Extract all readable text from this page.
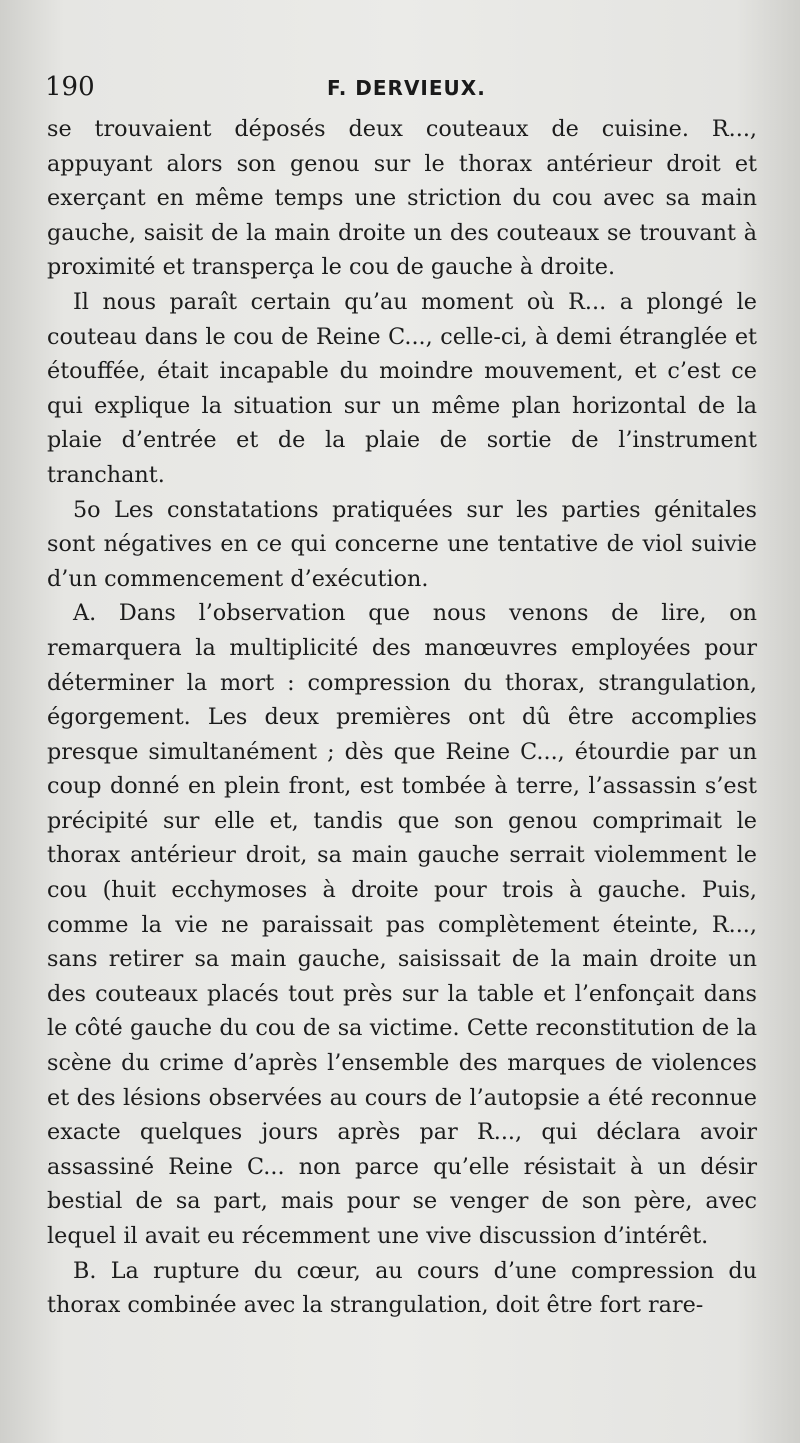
190	F. DERVIEUX.

se trouvaient déposés deux couteaux de cuisine. R..., appuyant alors son genou sur le thorax antérieur droit et exerçant en même temps une striction du cou avec sa main gauche, saisit de la main droite un des couteaux se trouvant à proximité et transperça le cou de gauche à droite.

Il nous paraît certain qu’au moment où R... a plongé le couteau dans le cou de Reine C..., celle-ci, à demi étranglée et étouffée, était incapable du moindre mouvement, et c’est ce qui explique la situation sur un même plan horizontal de la plaie d’entrée et de la plaie de sortie de l’instrument tranchant.

5o Les constatations pratiquées sur les parties génitales sont négatives en ce qui concerne une tentative de viol suivie d’un commencement d’exécution.

A. Dans l’observation que nous venons de lire, on remarquera la multiplicité des manœuvres employées pour déterminer la mort : compression du thorax, strangulation, égorgement. Les deux premières ont dû être accomplies presque simultanément ; dès que Reine C..., étourdie par un coup donné en plein front, est tombée à terre, l’assassin s’est précipité sur elle et, tandis que son genou comprimait le thorax antérieur droit, sa main gauche serrait violemment le cou (huit ecchymoses à droite pour trois à gauche. Puis, comme la vie ne paraissait pas complètement éteinte, R..., sans retirer sa main gauche, saisissait de la main droite un des couteaux placés tout près sur la table et l’enfonçait dans le côté gauche du cou de sa victime. Cette reconstitution de la scène du crime d’après l’ensemble des marques de violences et des lésions observées au cours de l’autopsie a été reconnue exacte quelques jours après par R..., qui déclara avoir assassiné Reine C... non parce qu’elle résistait à un désir bestial de sa part, mais pour se venger de son père, avec lequel il avait eu récemment une vive discussion d’intérêt.

B. La rupture du cœur, au cours d’une compression du thorax combinée avec la strangulation, doit être fort rare-
